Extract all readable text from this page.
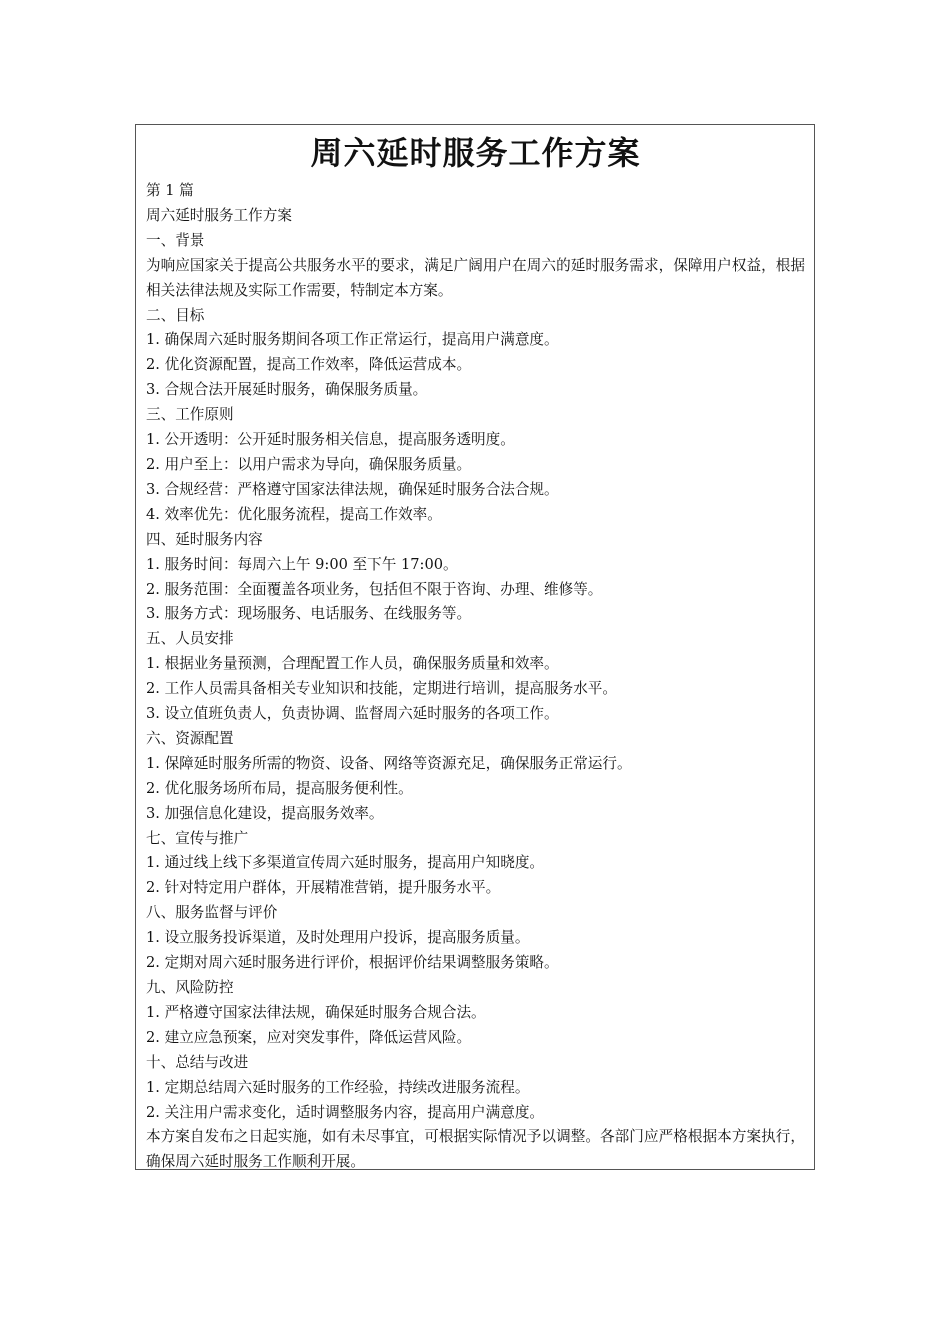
周六延时服务工作方案

第 1 篇

周六延时服务工作方案

一、背景

为响应国家关于提高公共服务水平的要求，满足广阔用户在周六的延时服务需求，保障用户权益，根据相关法律法规及实际工作需要，特制定本方案。

二、目标

1. 确保周六延时服务期间各项工作正常运行，提高用户满意度。

2. 优化资源配置，提高工作效率，降低运营成本。

3. 合规合法开展延时服务，确保服务质量。

三、工作原则

1. 公开透明：公开延时服务相关信息，提高服务透明度。

2. 用户至上：以用户需求为导向，确保服务质量。

3. 合规经营：严格遵守国家法律法规，确保延时服务合法合规。

4. 效率优先：优化服务流程，提高工作效率。

四、延时服务内容

1. 服务时间：每周六上午 9:00 至下午 17:00。

2. 服务范围：全面覆盖各项业务，包括但不限于咨询、办理、维修等。

3. 服务方式：现场服务、电话服务、在线服务等。

五、人员安排

1. 根据业务量预测，合理配置工作人员，确保服务质量和效率。

2. 工作人员需具备相关专业知识和技能，定期进行培训，提高服务水平。

3. 设立值班负责人，负责协调、监督周六延时服务的各项工作。

六、资源配置

1. 保障延时服务所需的物资、设备、网络等资源充足，确保服务正常运行。

2. 优化服务场所布局，提高服务便利性。

3. 加强信息化建设，提高服务效率。

七、宣传与推广

1. 通过线上线下多渠道宣传周六延时服务，提高用户知晓度。

2. 针对特定用户群体，开展精准营销，提升服务水平。

八、服务监督与评价

1. 设立服务投诉渠道，及时处理用户投诉，提高服务质量。

2. 定期对周六延时服务进行评价，根据评价结果调整服务策略。

九、风险防控

1. 严格遵守国家法律法规，确保延时服务合规合法。

2. 建立应急预案，应对突发事件，降低运营风险。

十、总结与改进

1. 定期总结周六延时服务的工作经验，持续改进服务流程。

2. 关注用户需求变化，适时调整服务内容，提高用户满意度。

本方案自发布之日起实施，如有未尽事宜，可根据实际情况予以调整。各部门应严格根据本方案执行，确保周六延时服务工作顺利开展。
